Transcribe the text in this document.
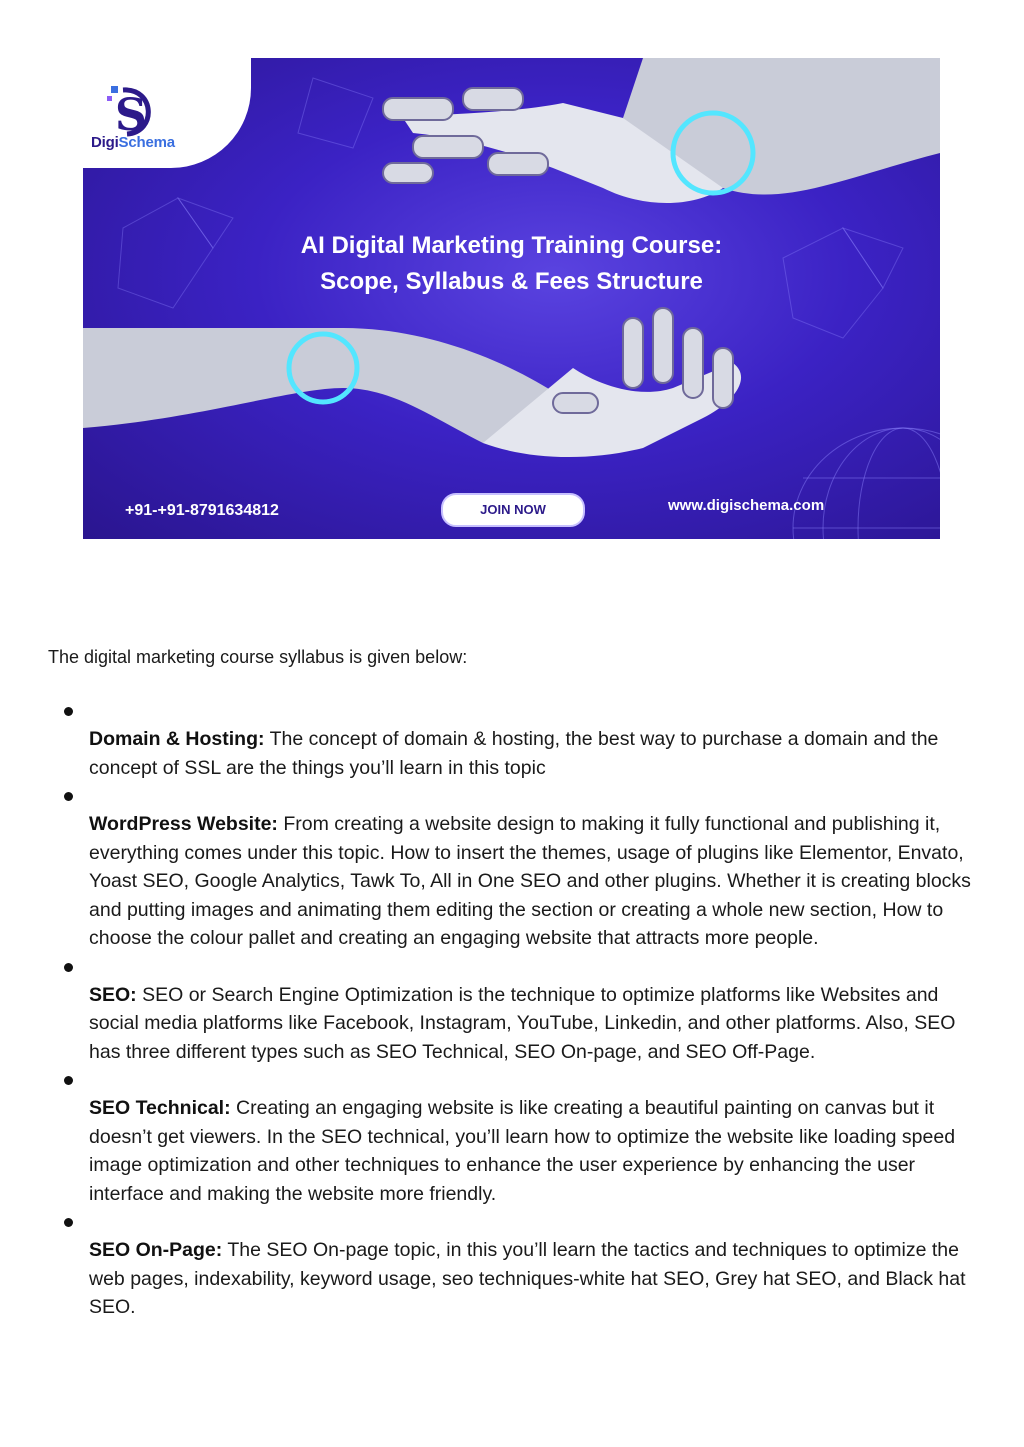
S
DigiSchema
AI Digital Marketing Training Course:
Scope, Syllabus & Fees Structure
+91-+91-8791634812	JOIN NOW	www.digischema.com
The digital marketing course syllabus is given below:
Domain & Hosting: The concept of domain & hosting, the best way to purchase a domain and the concept of SSL are the things you’ll learn in this topic
WordPress Website: From creating a website design to making it fully functional and publishing it, everything comes under this topic. How to insert the themes, usage of plugins like Elementor, Envato, Yoast SEO, Google Analytics, Tawk To, All in One SEO and other plugins. Whether it is creating blocks and putting images and animating them editing the section or creating a whole new section, How to choose the colour pallet and creating an engaging website that attracts more people.
SEO: SEO or Search Engine Optimization is the technique to optimize platforms like Websites and social media platforms like Facebook, Instagram, YouTube, Linkedin, and other platforms. Also, SEO has three different types such as SEO Technical, SEO On-page, and SEO Off-Page.
SEO Technical: Creating an engaging website is like creating a beautiful painting on canvas but it doesn’t get viewers. In the SEO technical, you’ll learn how to optimize the website like loading speed image optimization and other techniques to enhance the user experience by enhancing the user interface and making the website more friendly.
SEO On-Page: The SEO On-page topic, in this you’ll learn the tactics and techniques to optimize the web pages, indexability, keyword usage, seo techniques-white hat SEO, Grey hat SEO, and Black hat SEO.
